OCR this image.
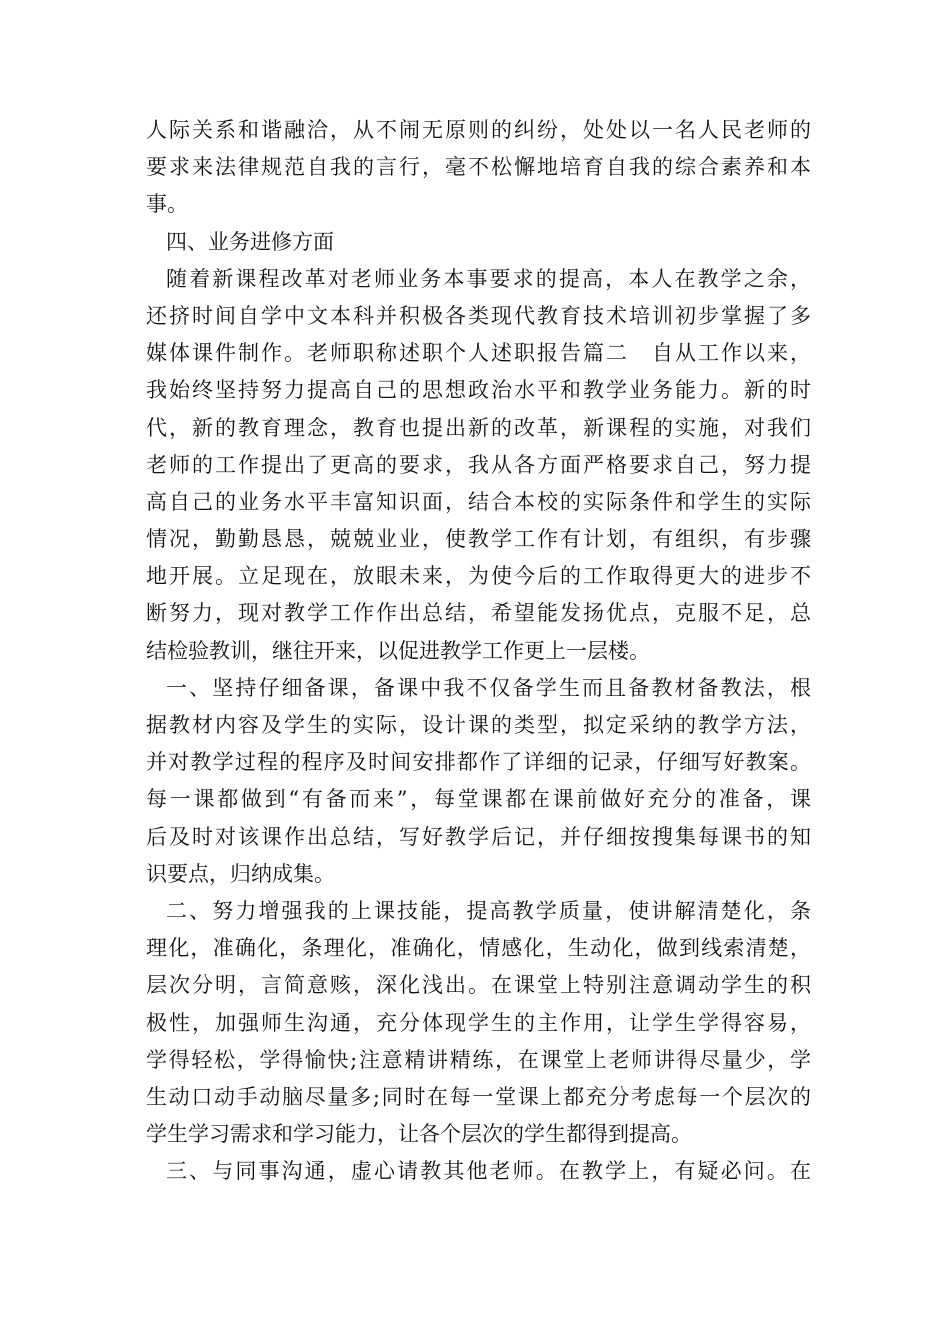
人际关系和谐融洽，从不闹无原则的纠纷，处处以一名人民老师的
要求来法律规范自我的言行，毫不松懈地培育自我的综合素养和本
事。
四、业务进修方面
随着新课程改革对老师业务本事要求的提高，本人在教学之余，
还挤时间自学中文本科并积极各类现代教育技术培训初步掌握了多
媒体课件制作。老师职称述职个人述职报告篇二　自从工作以来，
我始终坚持努力提高自己的思想政治水平和教学业务能力。新的时
代，新的教育理念，教育也提出新的改革，新课程的实施，对我们
老师的工作提出了更高的要求，我从各方面严格要求自己，努力提
高自己的业务水平丰富知识面，结合本校的实际条件和学生的实际
情况，勤勤恳恳，兢兢业业，使教学工作有计划，有组织，有步骤
地开展。立足现在，放眼未来，为使今后的工作取得更大的进步不
断努力，现对教学工作作出总结，希望能发扬优点，克服不足，总
结检验教训，继往开来，以促进教学工作更上一层楼。
一、坚持仔细备课，备课中我不仅备学生而且备教材备教法，根
据教材内容及学生的实际，设计课的类型，拟定采纳的教学方法，
并对教学过程的程序及时间安排都作了详细的记录，仔细写好教案。
每一课都做到“有备而来”，每堂课都在课前做好充分的准备，课
后及时对该课作出总结，写好教学后记，并仔细按搜集每课书的知
识要点，归纳成集。
二、努力增强我的上课技能，提高教学质量，使讲解清楚化，条
理化，准确化，条理化，准确化，情感化，生动化，做到线索清楚，
层次分明，言简意赅，深化浅出。在课堂上特别注意调动学生的积
极性，加强师生沟通，充分体现学生的主作用，让学生学得容易，
学得轻松，学得愉快;注意精讲精练，在课堂上老师讲得尽量少，学
生动口动手动脑尽量多;同时在每一堂课上都充分考虑每一个层次的
学生学习需求和学习能力，让各个层次的学生都得到提高。
三、与同事沟通，虚心请教其他老师。在教学上，有疑必问。在
